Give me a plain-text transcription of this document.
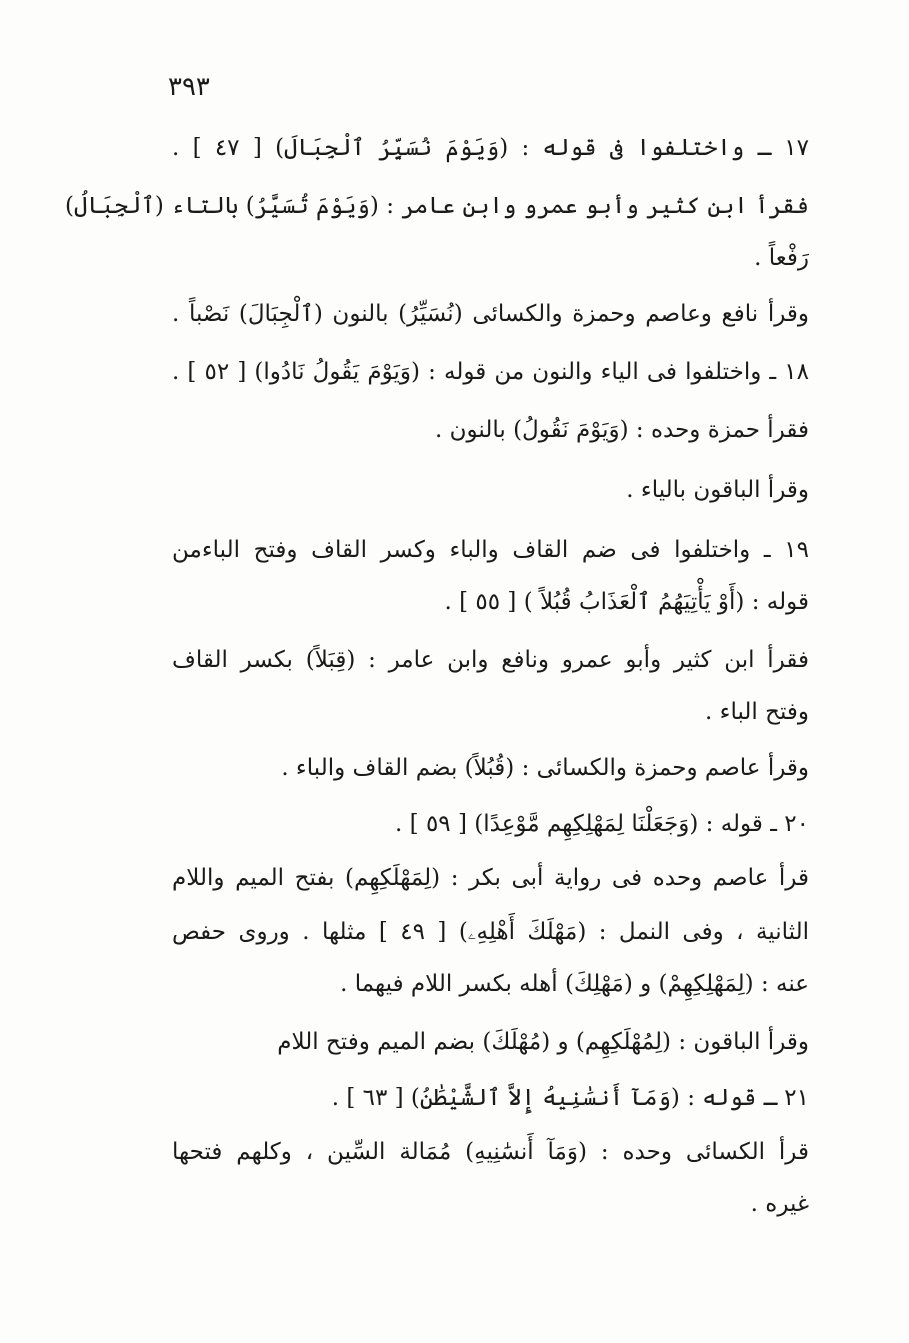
٣٩٣
١٧ ـ واختلفوا فى قوله : (وَيَوْمَ نُسَيِّرُ ٱلْجِبَالَ) [ ٤٧ ] .
فقرأ ابن كثير وأبو عمرو وابن عامر : (وَيَوْمَ تُسَيَّرُ) بالتاء (ٱلْجِبَالُ)
رَفْعاً .
وقرأ نافع وعاصم وحمزة والكسائى (نُسَيِّرُ) بالنون (ٱلْجِبَالَ) نَصْباً .
١٨ ـ واختلفوا فى الياء والنون من قوله : (وَيَوْمَ يَقُولُ نَادُوا) [ ٥٢ ] .
فقرأ حمزة وحده : (وَيَوْمَ نَقُولُ) بالنون .
وقرأ الباقون بالياء .
١٩ ـ واختلفوا فى ضم القاف والباء وكسر القاف وفتح الباءمن
قوله : (أَوْ يَأْتِيَهُمُ ٱلْعَذَابُ قُبُلاً ) [ ٥٥ ] .
فقرأ ابن كثير وأبو عمرو ونافع وابن عامر : (قِبَلاً) بكسر القاف
وفتح الباء .
وقرأ عاصم وحمزة والكسائى : (قُبُلاً) بضم القاف والباء .
٢٠ ـ قوله : (وَجَعَلْنَا لِمَهْلِكِهِم مَّوْعِدًا) [ ٥٩ ] .
قرأ عاصم وحده فى رواية أبى بكر : (لِمَهْلَكِهِم) بفتح الميم واللام
الثانية ، وفى النمل : (مَهْلَكَ أَهْلِهِۦ) [ ٤٩ ] مثلها . وروى حفص
عنه : (لِمَهْلِكِهِمْ) و (مَهْلِكَ) أهله بكسر اللام فيهما .
وقرأ الباقون : (لِمُهْلَكِهِم) و (مُهْلَكَ) بضم الميم وفتح اللام
٢١ ـ قوله : (وَمَآ أَنسَٰنِيهُ إِلاَّ ٱلشَّيْطَٰنُ) [ ٦٣ ] .
قرأ الكسائى وحده : (وَمَآ أَنسَٰنِيهِ) مُمَالة السِّين ، وكلهم فتحها
غيره .
